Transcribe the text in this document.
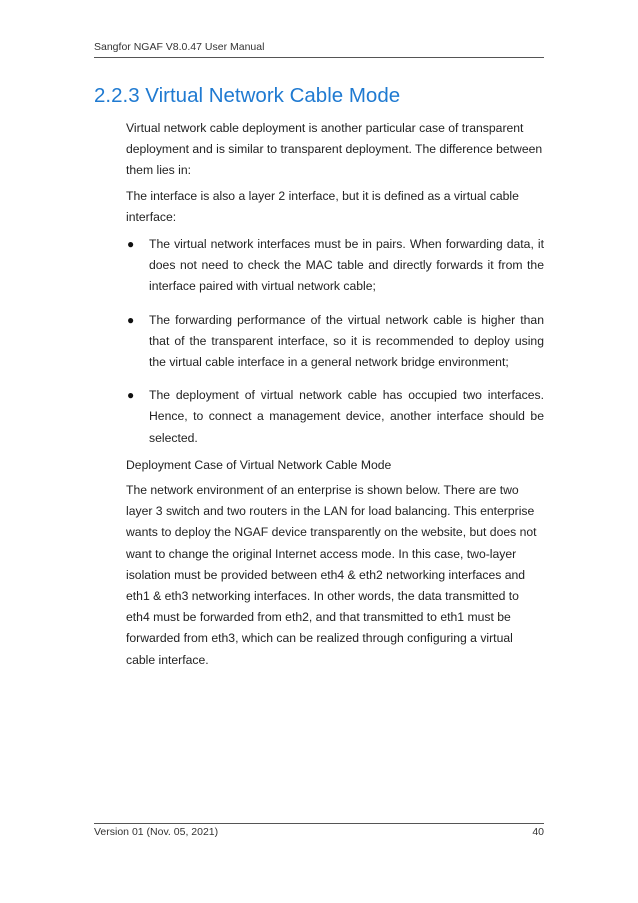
Sangfor NGAF V8.0.47 User Manual
2.2.3 Virtual Network Cable Mode

Virtual network cable deployment is another particular case of transparent deployment and is similar to transparent deployment. The difference between them lies in:

The interface is also a layer 2 interface, but it is defined as a virtual cable interface:

● The virtual network interfaces must be in pairs. When forwarding data, it does not need to check the MAC table and directly forwards it from the interface paired with virtual network cable;
● The forwarding performance of the virtual network cable is higher than that of the transparent interface, so it is recommended to deploy using the virtual cable interface in a general network bridge environment;
● The deployment of virtual network cable has occupied two interfaces. Hence, to connect a management device, another interface should be selected.

Deployment Case of Virtual Network Cable Mode

The network environment of an enterprise is shown below. There are two layer 3 switch and two routers in the LAN for load balancing. This enterprise wants to deploy the NGAF device transparently on the website, but does not want to change the original Internet access mode. In this case, two-layer isolation must be provided between eth4 & eth2 networking interfaces and eth1 & eth3 networking interfaces. In other words, the data transmitted to eth4 must be forwarded from eth2, and that transmitted to eth1 must be forwarded from eth3, which can be realized through configuring a virtual cable interface.

Version 01 (Nov. 05, 2021)	40
